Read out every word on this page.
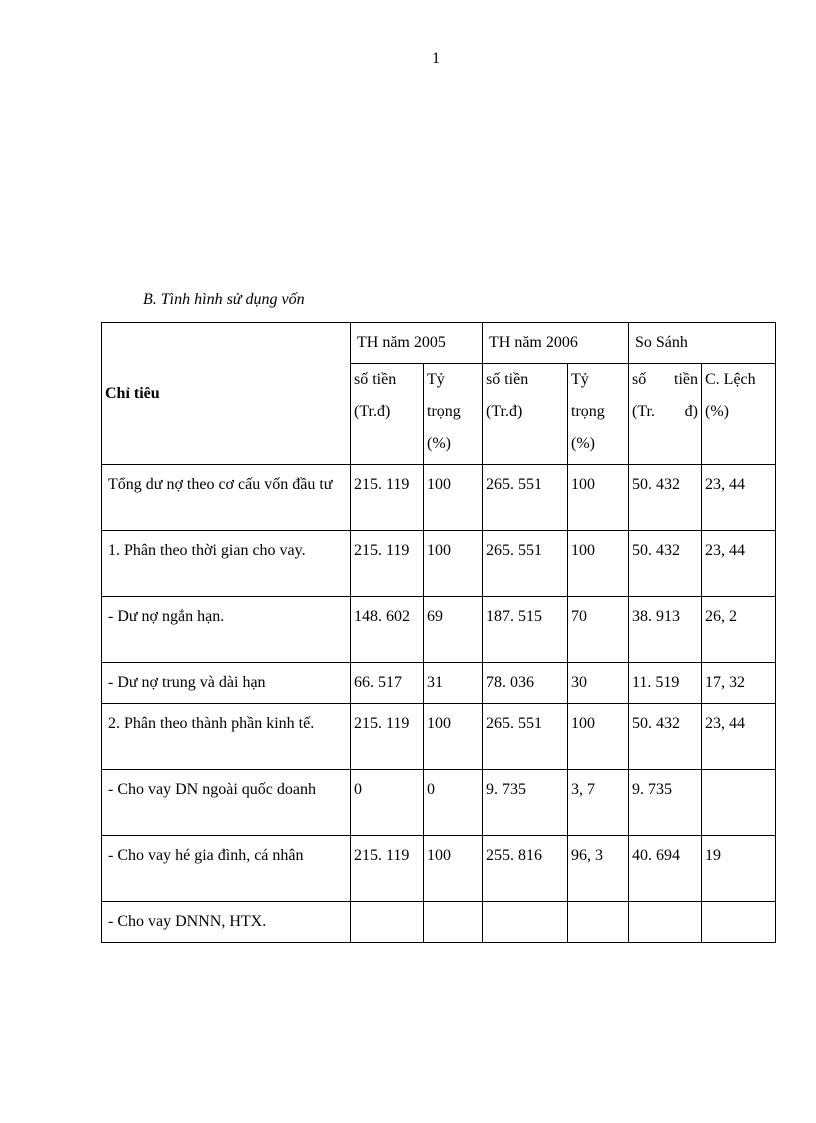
1
B. Tình hình sử dụng vốn
Chỉ tiêu	TH năm 2005		TH năm 2006		So Sánh	
	số tiền (Tr.đ)	Tỷ trọng (%)	số tiền (Tr.đ)	Tỷ trọng (%)	số tiền (Tr. đ)	C. Lệch (%)
Tổng dư nợ theo cơ cấu vốn đầu tư	215. 119	100	265. 551	100	50. 432	23, 44
1. Phân theo thời gian cho vay.	215. 119	100	265. 551	100	50. 432	23, 44
- Dư nợ ngắn hạn.	148. 602	69	187. 515	70	38. 913	26, 2
- Dư nợ trung và dài hạn	66. 517	31	78. 036	30	11. 519	17, 32
2. Phân theo thành phần kinh tế.	215. 119	100	265. 551	100	50. 432	23, 44
- Cho vay DN ngoài quốc doanh	0	0	9. 735	3, 7	9. 735	
- Cho vay hé gia đình, cá nhân	215. 119	100	255. 816	96, 3	40. 694	19
- Cho vay DNNN, HTX.						
